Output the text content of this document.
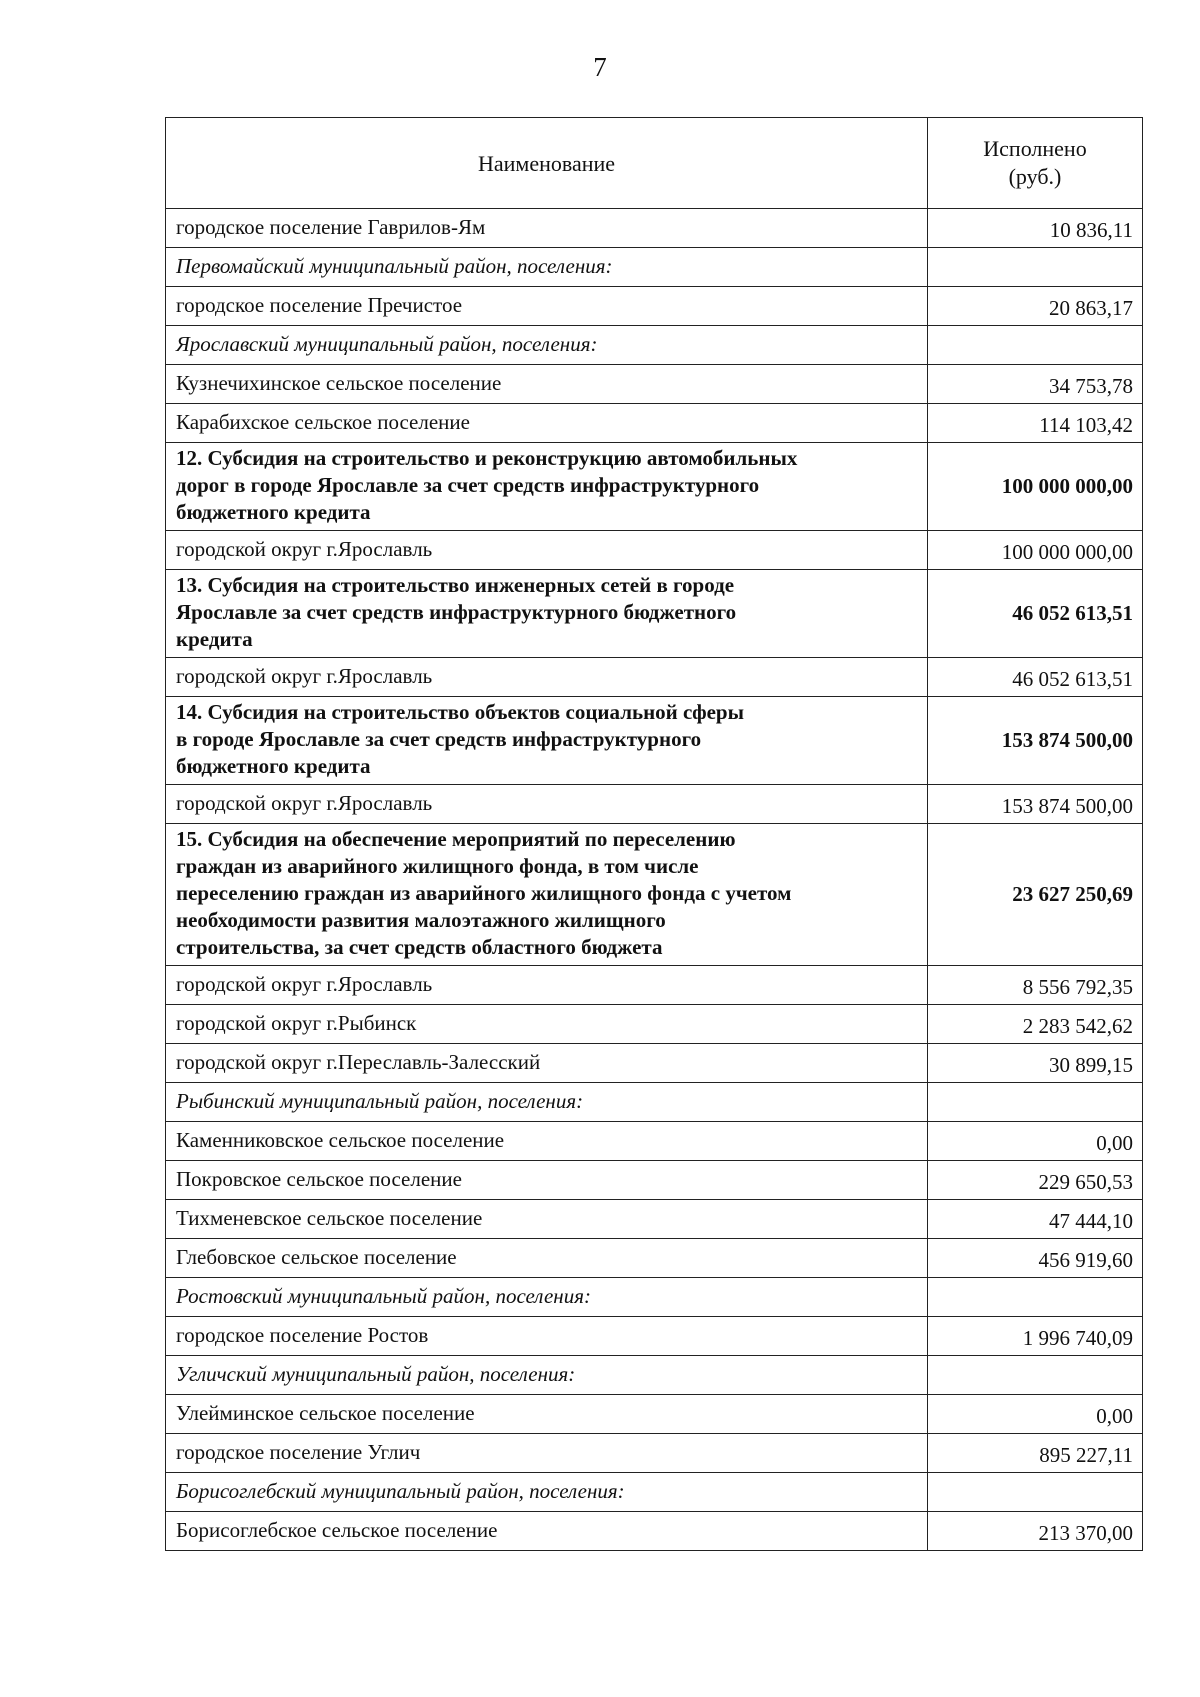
7
Наименование	Исполнено
(руб.)
городское поселение Гаврилов-Ям	10 836,11
Первомайский муниципальный район, поселения:	
городское поселение Пречистое	20 863,17
Ярославский муниципальный район, поселения:	
Кузнечихинское сельское поселение	34 753,78
Карабихское сельское поселение	114 103,42
12. Субсидия на строительство и реконструкцию автомобильных
дорог в городе Ярославле за счет средств инфраструктурного
бюджетного кредита	100 000 000,00
городской округ г.Ярославль	100 000 000,00
13. Субсидия на строительство инженерных сетей в городе
Ярославле за счет средств инфраструктурного бюджетного
кредита	46 052 613,51
городской округ г.Ярославль	46 052 613,51
14. Субсидия на строительство объектов социальной сферы
в городе Ярославле за счет средств инфраструктурного
бюджетного кредита	153 874 500,00
городской округ г.Ярославль	153 874 500,00
15. Субсидия на обеспечение мероприятий по переселению
граждан из аварийного жилищного фонда, в том числе
переселению граждан из аварийного жилищного фонда с учетом
необходимости развития малоэтажного жилищного
строительства, за счет средств областного бюджета	23 627 250,69
городской округ г.Ярославль	8 556 792,35
городской округ г.Рыбинск	2 283 542,62
городской округ г.Переславль-Залесский	30 899,15
Рыбинский муниципальный район, поселения:	
Каменниковское сельское поселение	0,00
Покровское сельское поселение	229 650,53
Тихменевское сельское поселение	47 444,10
Глебовское сельское поселение	456 919,60
Ростовский муниципальный район, поселения:	
городское поселение Ростов	1 996 740,09
Угличский муниципальный район, поселения:	
Улейминское сельское поселение	0,00
городское поселение Углич	895 227,11
Борисоглебский муниципальный район, поселения:	
Борисоглебское сельское поселение	213 370,00
